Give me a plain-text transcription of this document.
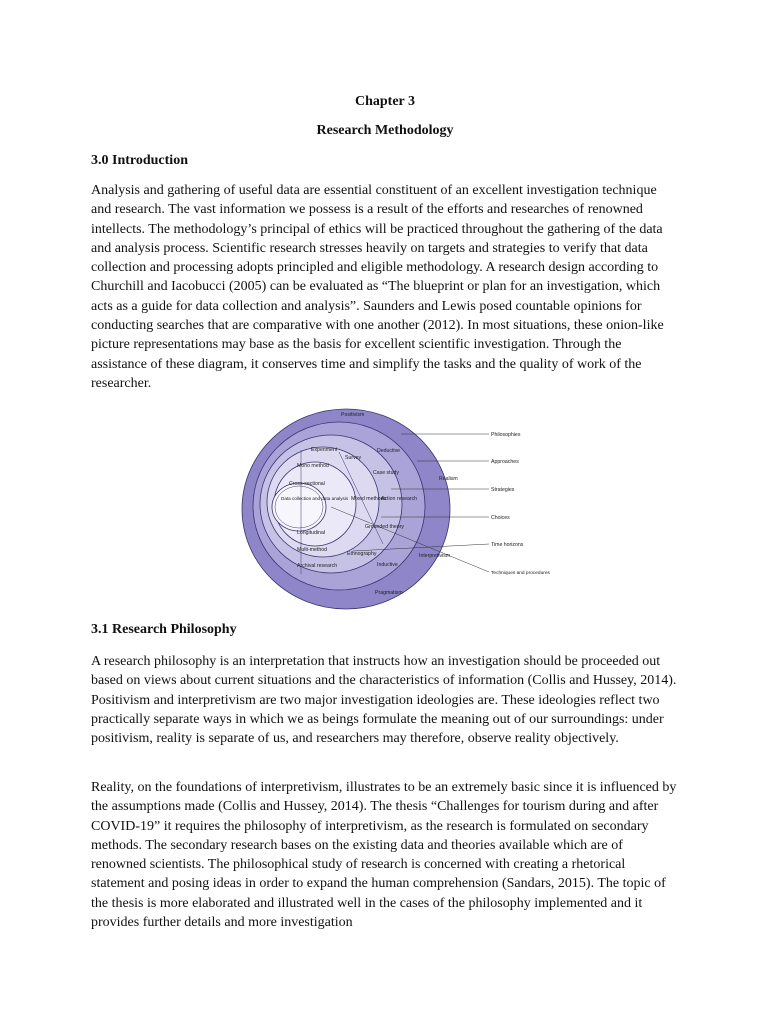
Chapter 3
Research Methodology
3.0 Introduction

Analysis and gathering of useful data are essential constituent of an excellent investigation technique and research. The vast information we possess is a result of the efforts and researches of renowned intellects. The methodology’s principal of ethics will be practiced throughout the gathering of the data and analysis process. Scientific research stresses heavily on targets and strategies to verify that data collection and processing adopts principled and eligible methodology. A research design according to Churchill and Iacobucci (2005) can be evaluated as “The blueprint or plan for an investigation, which acts as a guide for data collection and analysis”. Saunders and Lewis posed countable opinions for conducting searches that are comparative with one another (2012). In most situations, these onion-like picture representations may base as the basis for excellent scientific investigation. Through the assistance of these diagram, it conserves time and simplify the tasks and the quality of work of the researcher.

Positivism
Deductive
Experiment
Survey
Mono method
Case study
Realism
Cross-sectional
Mixed methods
Action research
Data collection and data analysis
Grounded theory
Longitudinal
Multi-method
Ethnography	Interpretivism
Archival research	Inductive
Pragmatism
Philosophies
Approaches
Strategies
Choices
Time horizons
Techniques and procedures
3.1 Research Philosophy

A research philosophy is an interpretation that instructs how an investigation should be proceeded out based on views about current situations and the characteristics of information (Collis and Hussey, 2014). Positivism and interpretivism are two major investigation ideologies are. These ideologies reflect two practically separate ways in which we as beings formulate the meaning out of our surroundings: under positivism, reality is separate of us, and researchers may therefore, observe reality objectively.

Reality, on the foundations of interpretivism, illustrates to be an extremely basic since it is influenced by the assumptions made (Collis and Hussey, 2014). The thesis “Challenges for tourism during and after COVID-19” it requires the philosophy of interpretivism, as the research is formulated on secondary methods. The secondary research bases on the existing data and theories available which are of renowned scientists. The philosophical study of research is concerned with creating a rhetorical statement and posing ideas in order to expand the human comprehension (Sandars, 2015). The topic of the thesis is more elaborated and illustrated well in the cases of the philosophy implemented and it provides further details and more investigation
